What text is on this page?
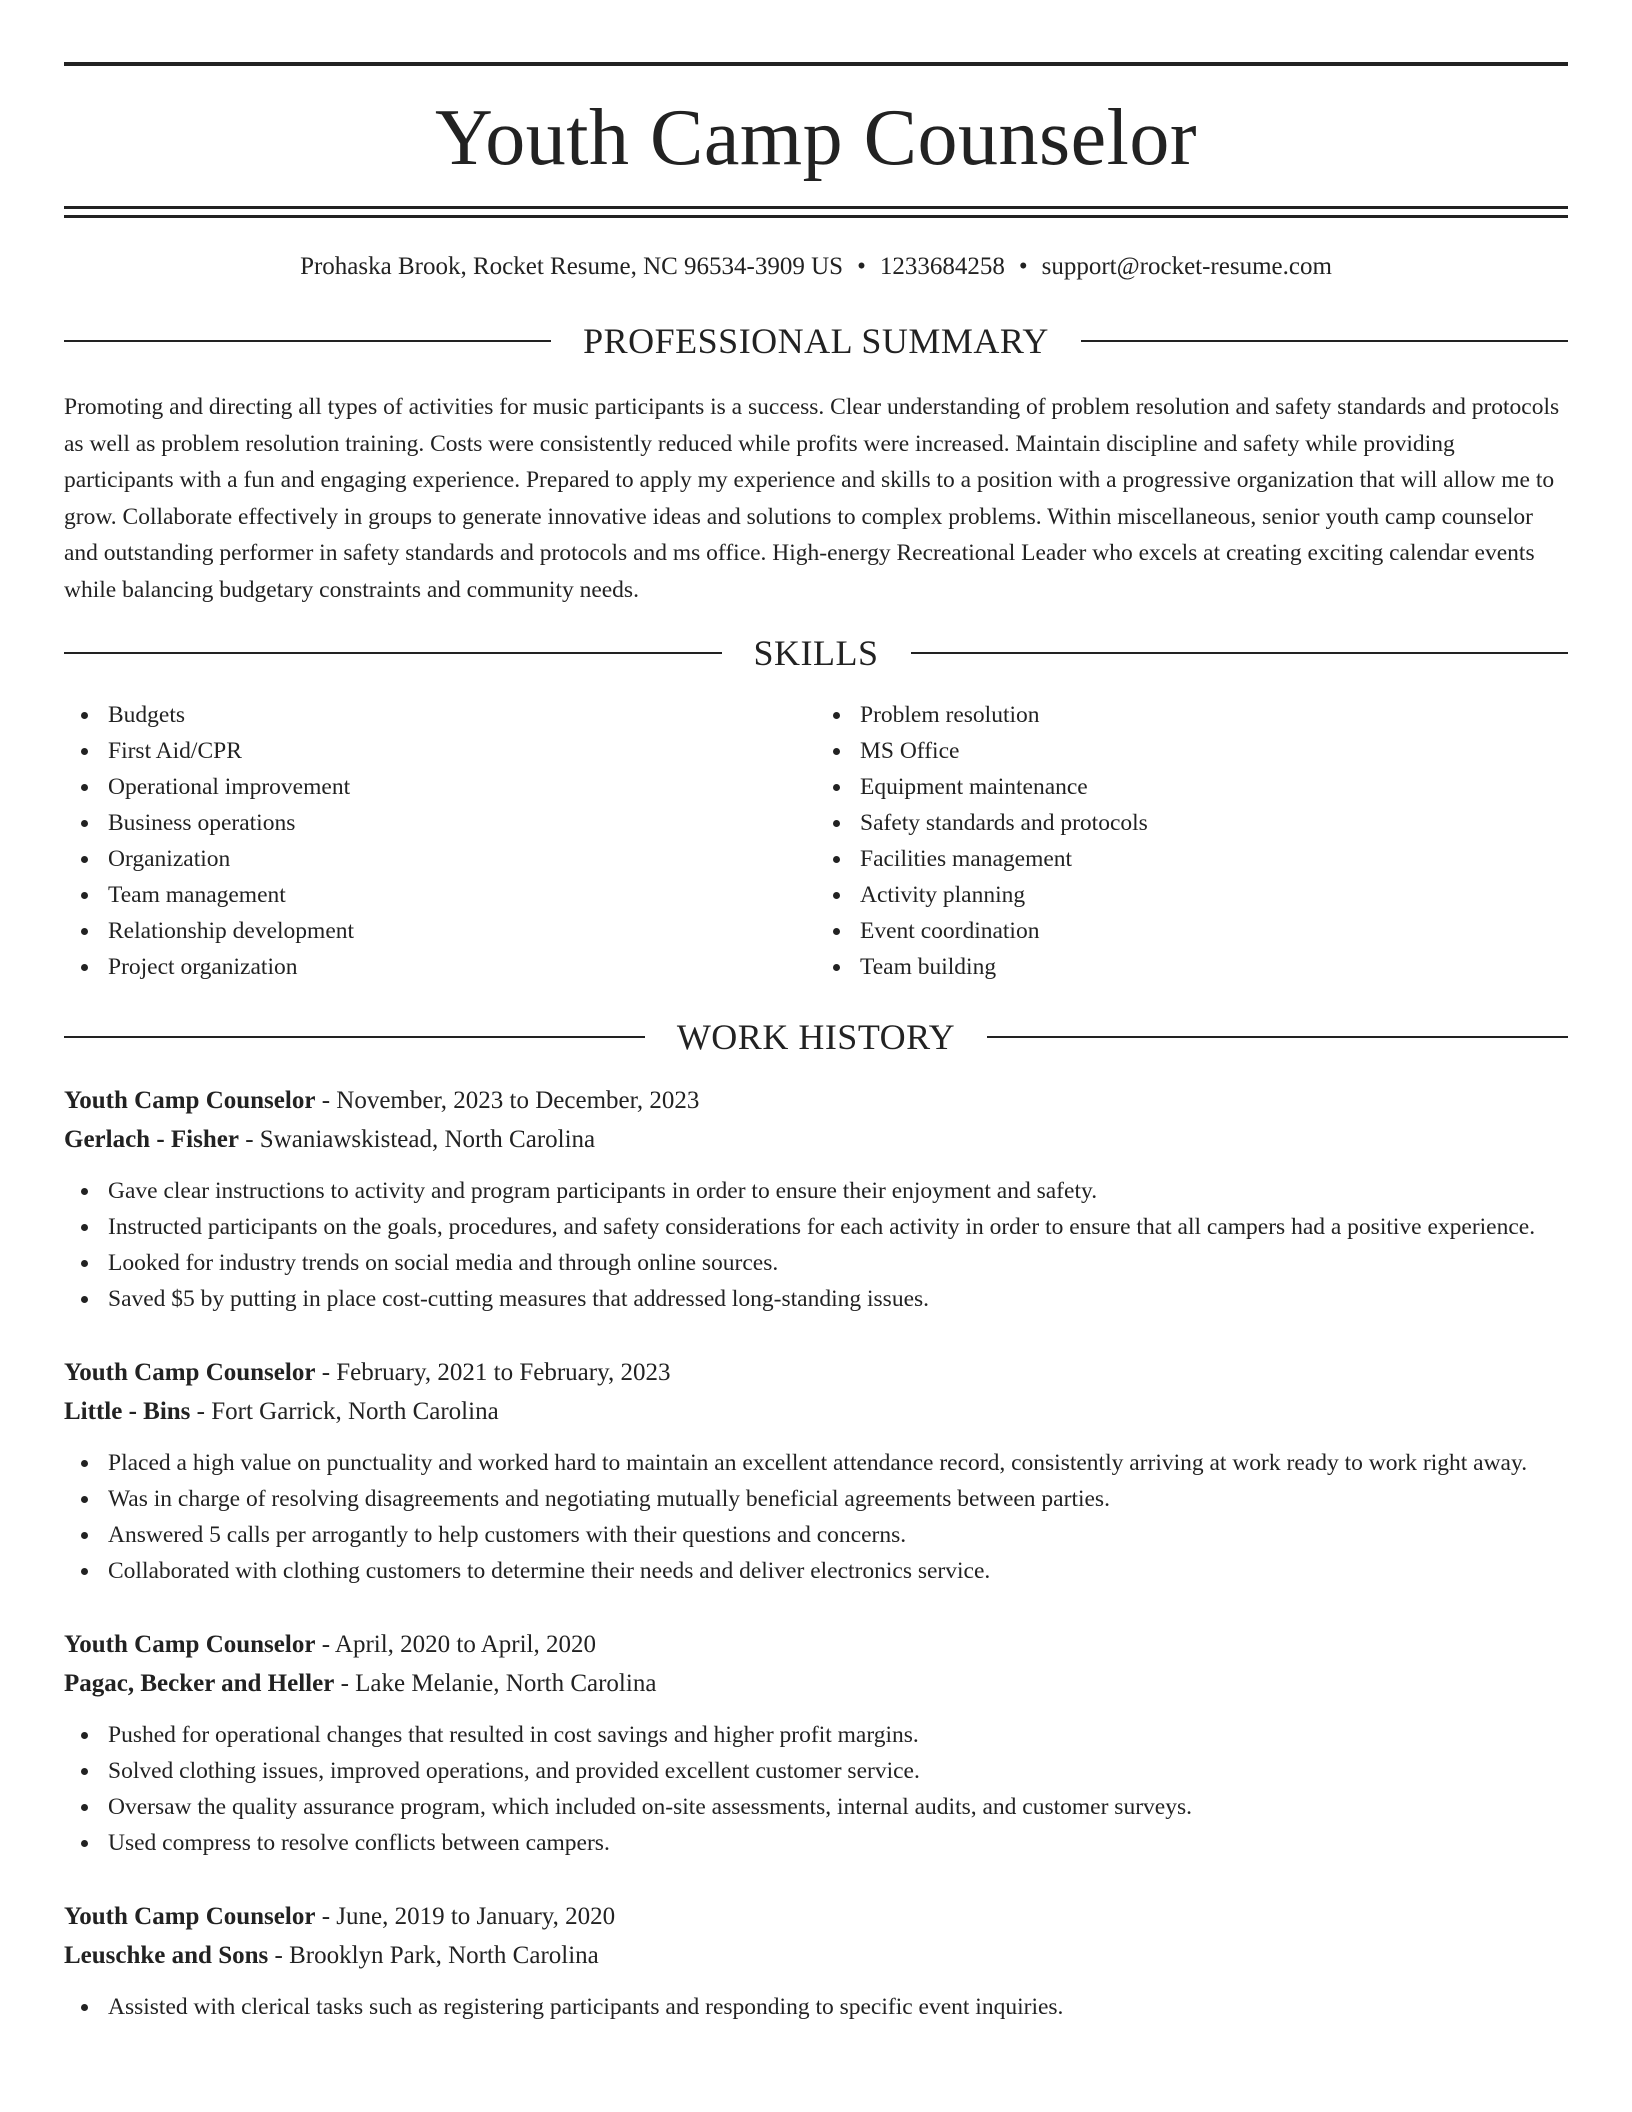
Youth Camp Counselor
Prohaska Brook, Rocket Resume, NC 96534-3909 US • 1233684258 • support@rocket-resume.com
PROFESSIONAL SUMMARY

Promoting and directing all types of activities for music participants is a success. Clear understanding of problem resolution and safety standards and protocols as well as problem resolution training. Costs were consistently reduced while profits were increased. Maintain discipline and safety while providing participants with a fun and engaging experience. Prepared to apply my experience and skills to a position with a progressive organization that will allow me to grow. Collaborate effectively in groups to generate innovative ideas and solutions to complex problems. Within miscellaneous, senior youth camp counselor and outstanding performer in safety standards and protocols and ms office. High-energy Recreational Leader who excels at creating exciting calendar events while balancing budgetary constraints and community needs.

SKILLS
Budgets
First Aid/CPR
Operational improvement
Business operations
Organization
Team management
Relationship development
Project organization
Problem resolution
MS Office
Equipment maintenance
Safety standards and protocols
Facilities management
Activity planning
Event coordination
Team building
WORK HISTORY
Youth Camp Counselor - November, 2023 to December, 2023
Gerlach - Fisher - Swaniawskistead, North Carolina
Gave clear instructions to activity and program participants in order to ensure their enjoyment and safety.
Instructed participants on the goals, procedures, and safety considerations for each activity in order to ensure that all campers had a positive experience.
Looked for industry trends on social media and through online sources.
Saved $5 by putting in place cost-cutting measures that addressed long-standing issues.
Youth Camp Counselor - February, 2021 to February, 2023
Little - Bins - Fort Garrick, North Carolina
Placed a high value on punctuality and worked hard to maintain an excellent attendance record, consistently arriving at work ready to work right away.
Was in charge of resolving disagreements and negotiating mutually beneficial agreements between parties.
Answered 5 calls per arrogantly to help customers with their questions and concerns.
Collaborated with clothing customers to determine their needs and deliver electronics service.
Youth Camp Counselor - April, 2020 to April, 2020
Pagac, Becker and Heller - Lake Melanie, North Carolina
Pushed for operational changes that resulted in cost savings and higher profit margins.
Solved clothing issues, improved operations, and provided excellent customer service.
Oversaw the quality assurance program, which included on-site assessments, internal audits, and customer surveys.
Used compress to resolve conflicts between campers.
Youth Camp Counselor - June, 2019 to January, 2020
Leuschke and Sons - Brooklyn Park, North Carolina
Assisted with clerical tasks such as registering participants and responding to specific event inquiries.
